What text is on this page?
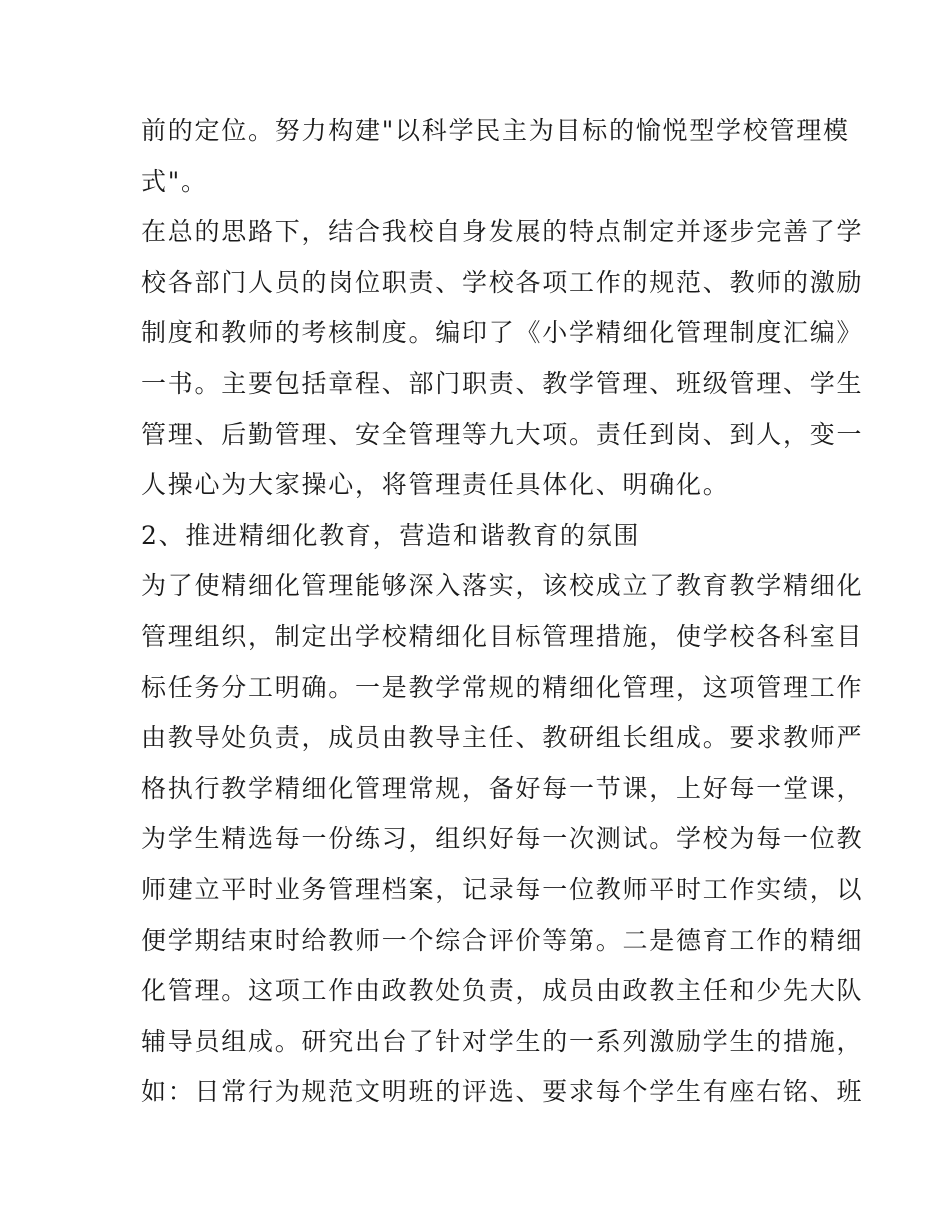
前的定位。努力构建"以科学民主为目标的愉悦型学校管理模
式"。
在总的思路下，结合我校自身发展的特点制定并逐步完善了学
校各部门人员的岗位职责、学校各项工作的规范、教师的激励
制度和教师的考核制度。编印了《小学精细化管理制度汇编》
一书。主要包括章程、部门职责、教学管理、班级管理、学生
管理、后勤管理、安全管理等九大项。责任到岗、到人，变一
人操心为大家操心，将管理责任具体化、明确化。
2、推进精细化教育，营造和谐教育的氛围
为了使精细化管理能够深入落实，该校成立了教育教学精细化
管理组织，制定出学校精细化目标管理措施，使学校各科室目
标任务分工明确。一是教学常规的精细化管理，这项管理工作
由教导处负责，成员由教导主任、教研组长组成。要求教师严
格执行教学精细化管理常规，备好每一节课，上好每一堂课，
为学生精选每一份练习，组织好每一次测试。学校为每一位教
师建立平时业务管理档案，记录每一位教师平时工作实绩，以
便学期结束时给教师一个综合评价等第。二是德育工作的精细
化管理。这项工作由政教处负责，成员由政教主任和少先大队
辅导员组成。研究出台了针对学生的一系列激励学生的措施，
如：日常行为规范文明班的评选、要求每个学生有座右铭、班
